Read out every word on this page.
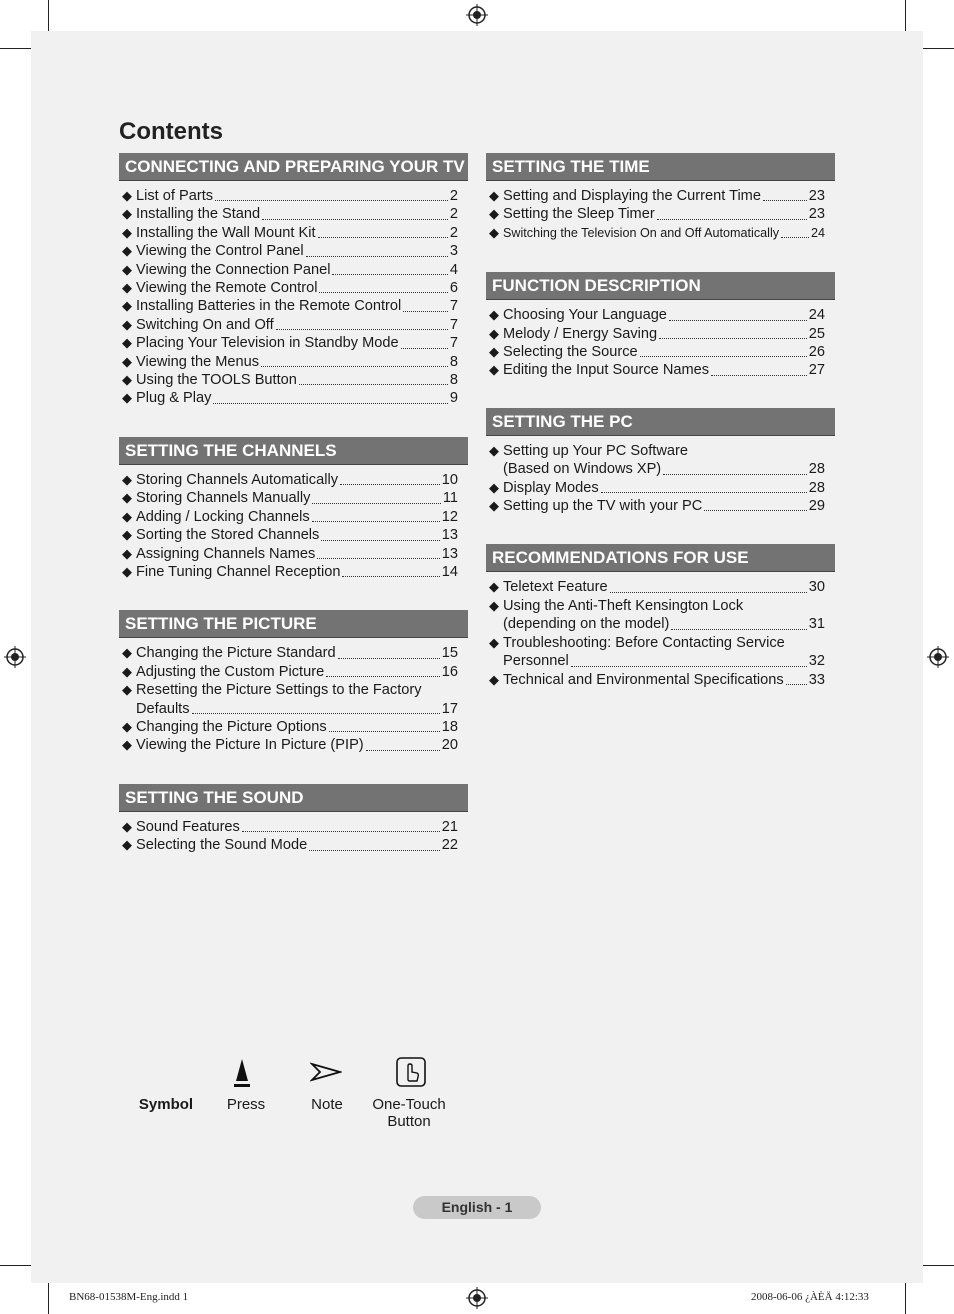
Contents
CONNECTING AND PREPARING YOUR TV
◆ List of Parts	2
◆ Installing the Stand	2
◆ Installing the Wall Mount Kit	2
◆ Viewing the Control Panel	3
◆ Viewing the Connection Panel	4
◆ Viewing the Remote Control	6
◆ Installing Batteries in the Remote Control	7
◆ Switching On and Off	7
◆ Placing Your Television in Standby Mode	7
◆ Viewing the Menus	8
◆ Using the TOOLS Button	8
◆ Plug & Play	9
SETTING THE CHANNELS
◆ Storing Channels Automatically	10
◆ Storing Channels Manually	11
◆ Adding / Locking Channels	12
◆ Sorting the Stored Channels	13
◆ Assigning Channels Names	13
◆ Fine Tuning Channel Reception	14
SETTING THE PICTURE
◆ Changing the Picture Standard	15
◆ Adjusting the Custom Picture	16
◆ Resetting the Picture Settings to the Factory
Defaults	17
◆ Changing the Picture Options	18
◆ Viewing the Picture In Picture (PIP)	20
SETTING THE SOUND
◆ Sound Features	21
◆ Selecting the Sound Mode	22
SETTING THE TIME
◆ Setting and Displaying the Current Time	23
◆ Setting the Sleep Timer	23
◆ Switching the Television On and Off Automatically	24
FUNCTION DESCRIPTION
◆ Choosing Your Language	24
◆ Melody / Energy Saving	25
◆ Selecting the Source	26
◆ Editing the Input Source Names	27
SETTING THE PC
◆ Setting up Your PC Software
(Based on Windows XP)	28
◆ Display Modes	28
◆ Setting up the TV with your PC	29
RECOMMENDATIONS FOR USE
◆ Teletext Feature	30
◆ Using the Anti-Theft Kensington Lock
(depending on the model)	31
◆ Troubleshooting: Before Contacting Service
Personnel	32
◆ Technical and Environmental Specifications 33
Symbol	Press	Note	One-Touch
Button
English - 1
BN68-01538M-Eng.indd 1	2008-06-06 ¿ÀÈÄ 4:12:33
